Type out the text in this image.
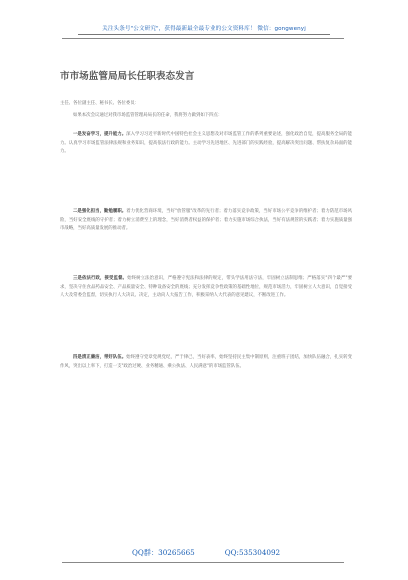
关注头条号"公文研究"，获得最新最全最专业的公文资料库！ 微信：gongwenyj
市市场监管局局长任职表态发言

主任、各位副主任、秘书长、各位委员：

如果本次会议通过对我市场监管管理局局长的任命，我将努力做到如下四点：

一是发奋学习，提升能力。深入学习习近平新时代中国特色社会主义思想及对市场监管工作的系列重要论述，强化政治自觉，提高服务全局的能力。认真学习市场监管法律法规和业务知识，提高依法行政的能力。主动学习先进地区、先进部门的实践经验，提高解决突出问题、帮扶复杂局面的能力。

二是强化担当，勤勉履职。着力优化营商环境，当好"放管服"改革的先行者；着力落实竞争政策，当好市场公平竞争的维护者；着力防范市场风险，当好安全底线的守护者；着力树立消费至上的理念，当好消费者权益的保护者；着力实施市场综合执法，当好有法规管的实践者；着力实施质量强市战略，当好高质量发展的推动者。

三是依法行政，接受监督。始终树立法治意识，严格遵守宪法和法律的规定，带头学法用法守法，牢固树立法制思维；严格落实"四个最严"要求，坚决守住食品药品安全、产品质量安全、特种设备安全的底线；充分发挥竞争性政策的基础性地位，规范市场活力，牢固树立人大意识，自觉接受人大及常委会监督，切实执行人大决议、决定，主动向人大报告工作，积极采纳人大代表的意见建议，不断改进工作。

四是清正廉洁，带好队伍。始终遵守党章党规党纪，严于律己，当好表率，始终坚持民主集中制原则，注重班子团结，加快队伍融合，扎实转变作风，突出以上率下，打造一支"政治过硬、业务精通、乘公执法、人民满意"的市场监管队伍。

QQ群：30265665	QQ:535304092
